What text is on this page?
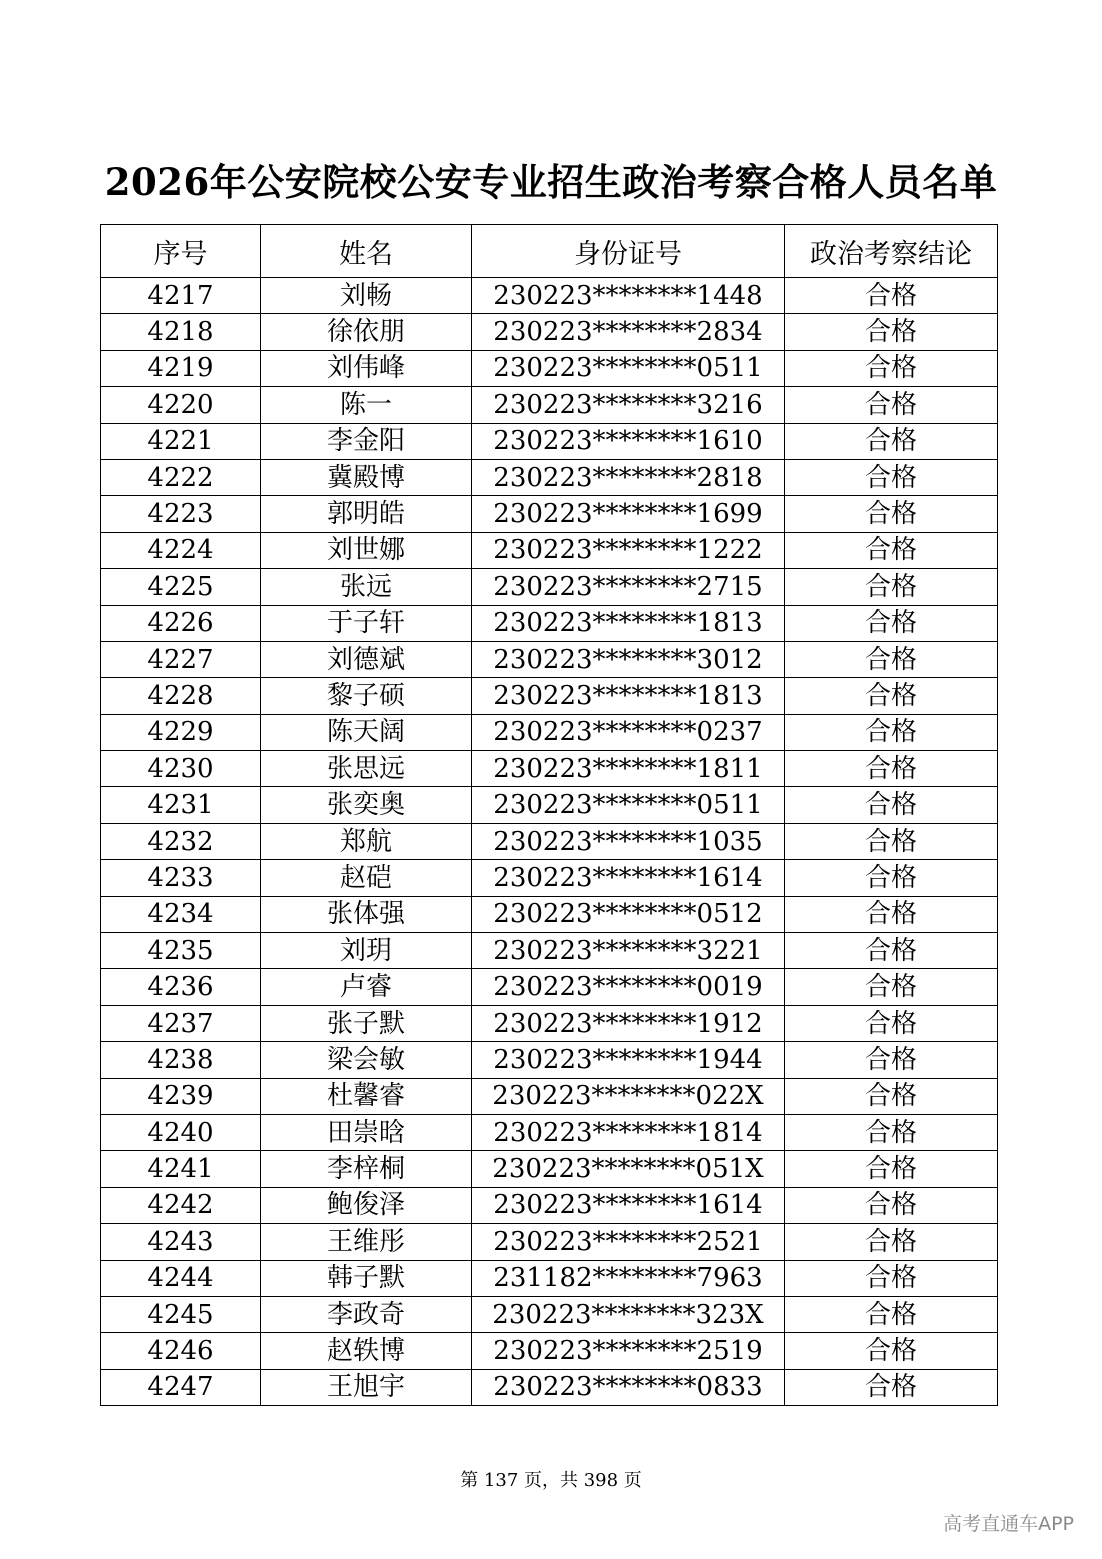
2026年公安院校公安专业招生政治考察合格人员名单
序号	姓名	身份证号	政治考察结论
4217	刘畅	230223********1448	合格
4218	徐依朋	230223********2834	合格
4219	刘伟峰	230223********0511	合格
4220	陈一	230223********3216	合格
4221	李金阳	230223********1610	合格
4222	冀殿博	230223********2818	合格
4223	郭明皓	230223********1699	合格
4224	刘世娜	230223********1222	合格
4225	张远	230223********2715	合格
4226	于子轩	230223********1813	合格
4227	刘德斌	230223********3012	合格
4228	黎子硕	230223********1813	合格
4229	陈天阔	230223********0237	合格
4230	张思远	230223********1811	合格
4231	张奕奥	230223********0511	合格
4232	郑航	230223********1035	合格
4233	赵硙	230223********1614	合格
4234	张体强	230223********0512	合格
4235	刘玥	230223********3221	合格
4236	卢睿	230223********0019	合格
4237	张子默	230223********1912	合格
4238	梁会敏	230223********1944	合格
4239	杜馨睿	230223********022X	合格
4240	田崇晗	230223********1814	合格
4241	李梓桐	230223********051X	合格
4242	鲍俊泽	230223********1614	合格
4243	王维彤	230223********2521	合格
4244	韩子默	231182********7963	合格
4245	李政奇	230223********323X	合格
4246	赵轶博	230223********2519	合格
4247	王旭宇	230223********0833	合格
第 137 页，共 398 页
高考直通车APP
